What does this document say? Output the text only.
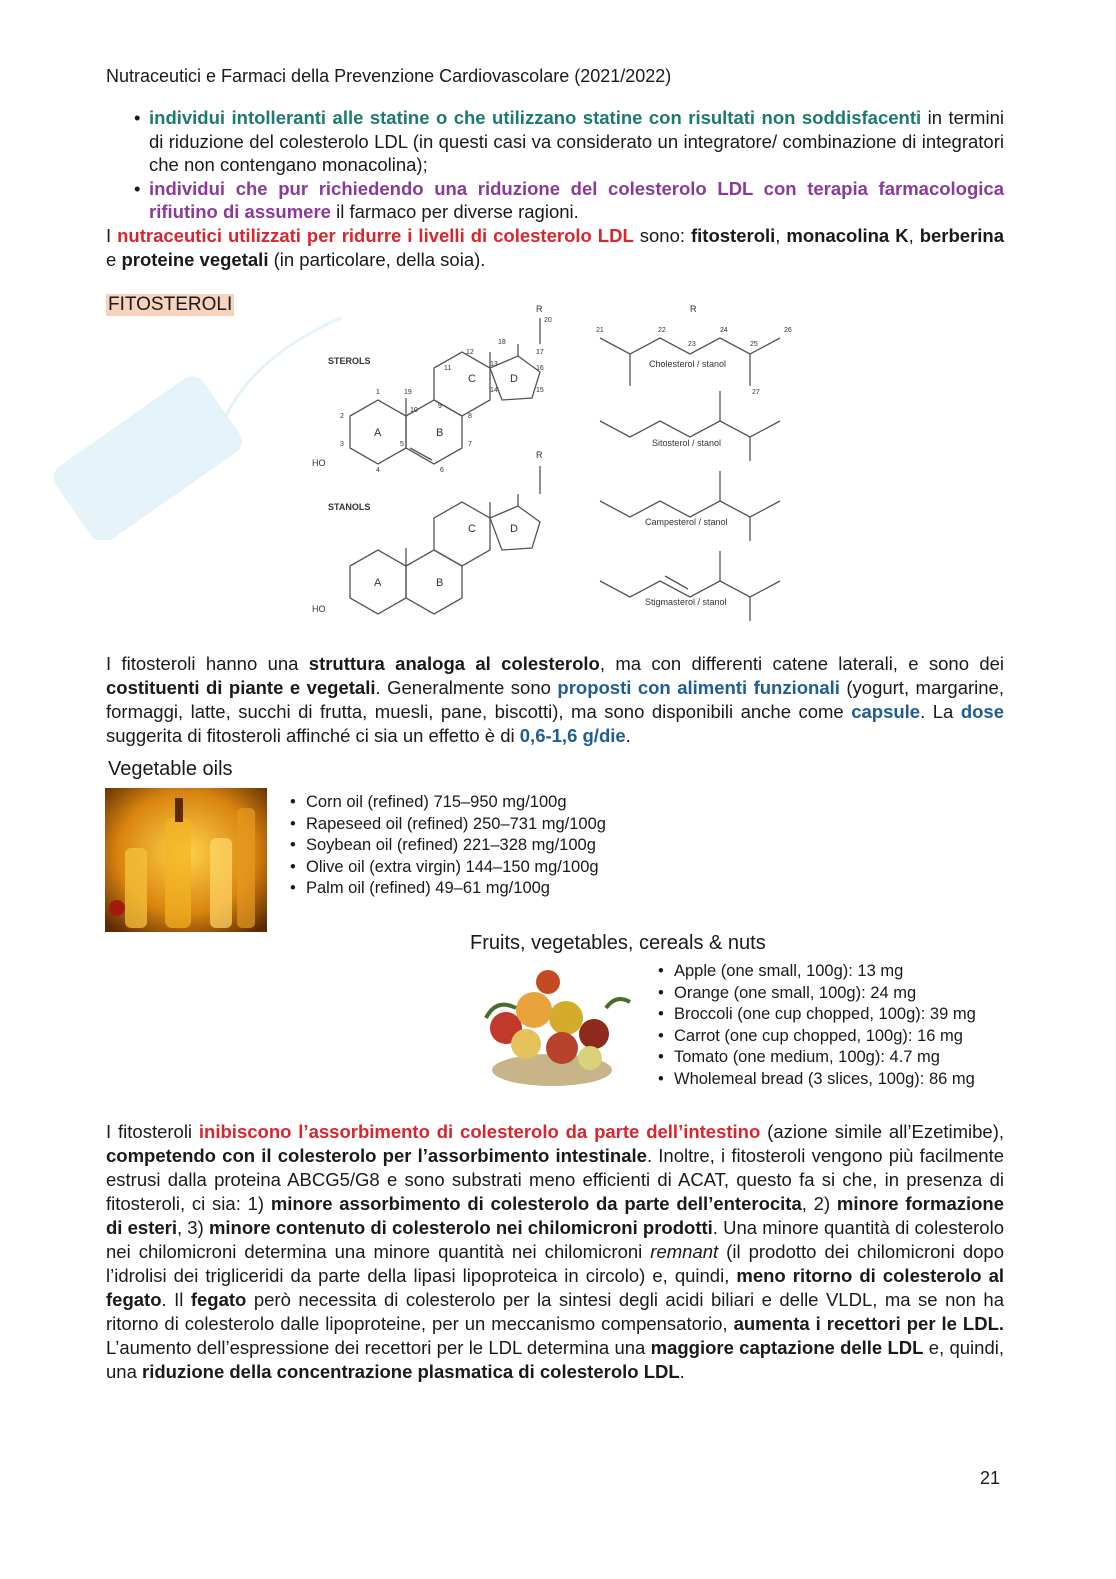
Nutraceutici e Farmaci della Prevenzione Cardiovascolare (2021/2022)
• individui intolleranti alle statine o che utilizzano statine con risultati non soddisfacenti in termini di riduzione del colesterolo LDL (in questi casi va considerato un integratore/ combinazione di integratori che non contengano monacolina);
• individui che pur richiedendo una riduzione del colesterolo LDL con terapia farmacologica rifiutino di assumere il farmaco per diverse ragioni.
I nutraceutici utilizzati per ridurre i livelli di colesterolo LDL sono: fitosteroli, monacolina K, berberina e proteine vegetali (in particolare, della soia).
FITOSTEROLI
STEROLS
STANOLS
A	B
C	D
A	B
C	D
HO
HO
R
R
R
Cholesterol / stanol
Sitosterol / stanol
Campesterol / stanol
Stigmasterol / stanol
1
2
3
4
5
6
7
8
9
10
11
12
13
14	15
16
17
18
19
20
21	22
23
24
25
26
27
I fitosteroli hanno una struttura analoga al colesterolo, ma con differenti catene laterali, e sono dei costituenti di piante e vegetali. Generalmente sono proposti con alimenti funzionali (yogurt, margarine, formaggi, latte, succhi di frutta, muesli, pane, biscotti), ma sono disponibili anche come capsule. La dose suggerita di fitosteroli affinché ci sia un effetto è di 0,6-1,6 g/die.
Vegetable oils
• Corn oil (refined) 715–950 mg/100g
• Rapeseed oil (refined) 250–731 mg/100g
• Soybean oil (refined) 221–328 mg/100g
• Olive oil (extra virgin) 144–150 mg/100g
• Palm oil (refined) 49–61 mg/100g
Fruits, vegetables, cereals & nuts
• Apple (one small, 100g): 13 mg
• Orange (one small, 100g): 24 mg
• Broccoli (one cup chopped, 100g): 39 mg
• Carrot (one cup chopped, 100g): 16 mg
• Tomato (one medium, 100g): 4.7 mg
• Wholemeal bread (3 slices, 100g): 86 mg
I fitosteroli inibiscono l’assorbimento di colesterolo da parte dell’intestino (azione simile all’Ezetimibe), competendo con il colesterolo per l’assorbimento intestinale. Inoltre, i fitosteroli vengono più facilmente estrusi dalla proteina ABCG5/G8 e sono substrati meno efficienti di ACAT, questo fa si che, in presenza di fitosteroli, ci sia: 1) minore assorbimento di colesterolo da parte dell’enterocita, 2) minore formazione di esteri, 3) minore contenuto di colesterolo nei chilomicroni prodotti. Una minore quantità di colesterolo nei chilomicroni determina una minore quantità nei chilomicroni remnant (il prodotto dei chilomicroni dopo l’idrolisi dei trigliceridi da parte della lipasi lipoproteica in circolo) e, quindi, meno ritorno di colesterolo al fegato. Il fegato però necessita di colesterolo per la sintesi degli acidi biliari e delle VLDL, ma se non ha ritorno di colesterolo dalle lipoproteine, per un meccanismo compensatorio, aumenta i recettori per le LDL. L’aumento dell’espressione dei recettori per le LDL determina una maggiore captazione delle LDL e, quindi, una riduzione della concentrazione plasmatica di colesterolo LDL.
21
